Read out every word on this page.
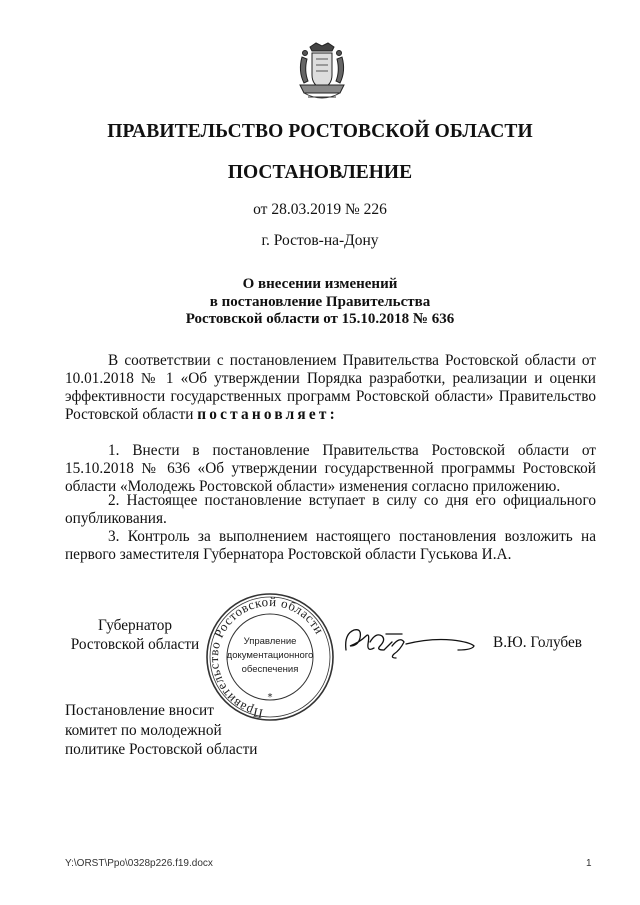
ПРАВИТЕЛЬСТВО РОСТОВСКОЙ ОБЛАСТИ
ПОСТАНОВЛЕНИЕ
от 28.03.2019 № 226
г. Ростов-на-Дону
О внесении изменений
в постановление Правительства
Ростовской области от 15.10.2018 № 636
В соответствии с постановлением Правительства Ростовской области от 10.01.2018 № 1 «Об утверждении Порядка разработки, реализации и оценки эффективности государственных программ Ростовской области» Правительство Ростовской области постановляет:
1. Внести в постановление Правительства Ростовской области от 15.10.2018 № 636 «Об утверждении государственной программы Ростовской области «Молодежь Ростовской области» изменения согласно приложению.
2. Настоящее постановление вступает в силу со дня его официального опубликования.
3. Контроль за выполнением настоящего постановления возложить на первого заместителя Губернатора Ростовской области Гуськова И.А.
Губернатор
Ростовской области
Правительство Ростовской области
*
Управление
документационного
обеспечения
В.Ю. Голубев
Постановление вносит
комитет по молодежной
политике Ростовской области
Y:\ORST\Ppo\0328p226.f19.docx	1
